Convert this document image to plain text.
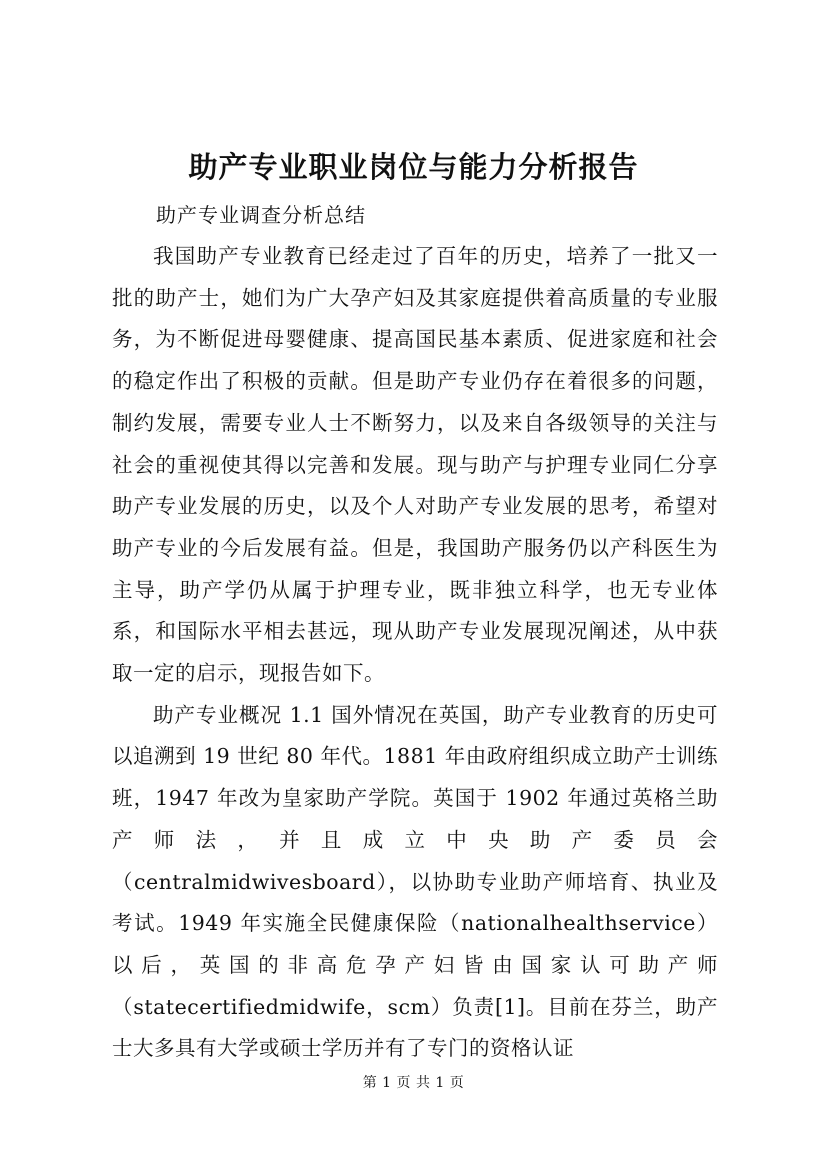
助产专业职业岗位与能力分析报告
助产专业调查分析总结

我国助产专业教育已经走过了百年的历史，培养了一批又一批的助产士，她们为广大孕产妇及其家庭提供着高质量的专业服务，为不断促进母婴健康、提高国民基本素质、促进家庭和社会的稳定作出了积极的贡献。但是助产专业仍存在着很多的问题，制约发展，需要专业人士不断努力，以及来自各级领导的关注与社会的重视使其得以完善和发展。现与助产与护理专业同仁分享助产专业发展的历史，以及个人对助产专业发展的思考，希望对助产专业的今后发展有益。但是，我国助产服务仍以产科医生为主导，助产学仍从属于护理专业，既非独立科学，也无专业体系，和国际水平相去甚远，现从助产专业发展现况阐述，从中获取一定的启示，现报告如下。

助产专业概况 1.1 国外情况在英国，助产专业教育的历史可以追溯到 19 世纪 80 年代。1881 年由政府组织成立助产士训练班，1947 年改为皇家助产学院。英国于 1902 年通过英格兰助产师法，并且成立中央助产委员会（centralmidwivesboard），以协助专业助产师培育、执业及考试。1949 年实施全民健康保险（nationalhealthservice）以后，英国的非高危孕产妇皆由国家认可助产师（statecertifiedmidwife，scm）负责[1]。目前在芬兰，助产士大多具有大学或硕士学历并有了专门的资格认证

第 1 页 共 1 页
